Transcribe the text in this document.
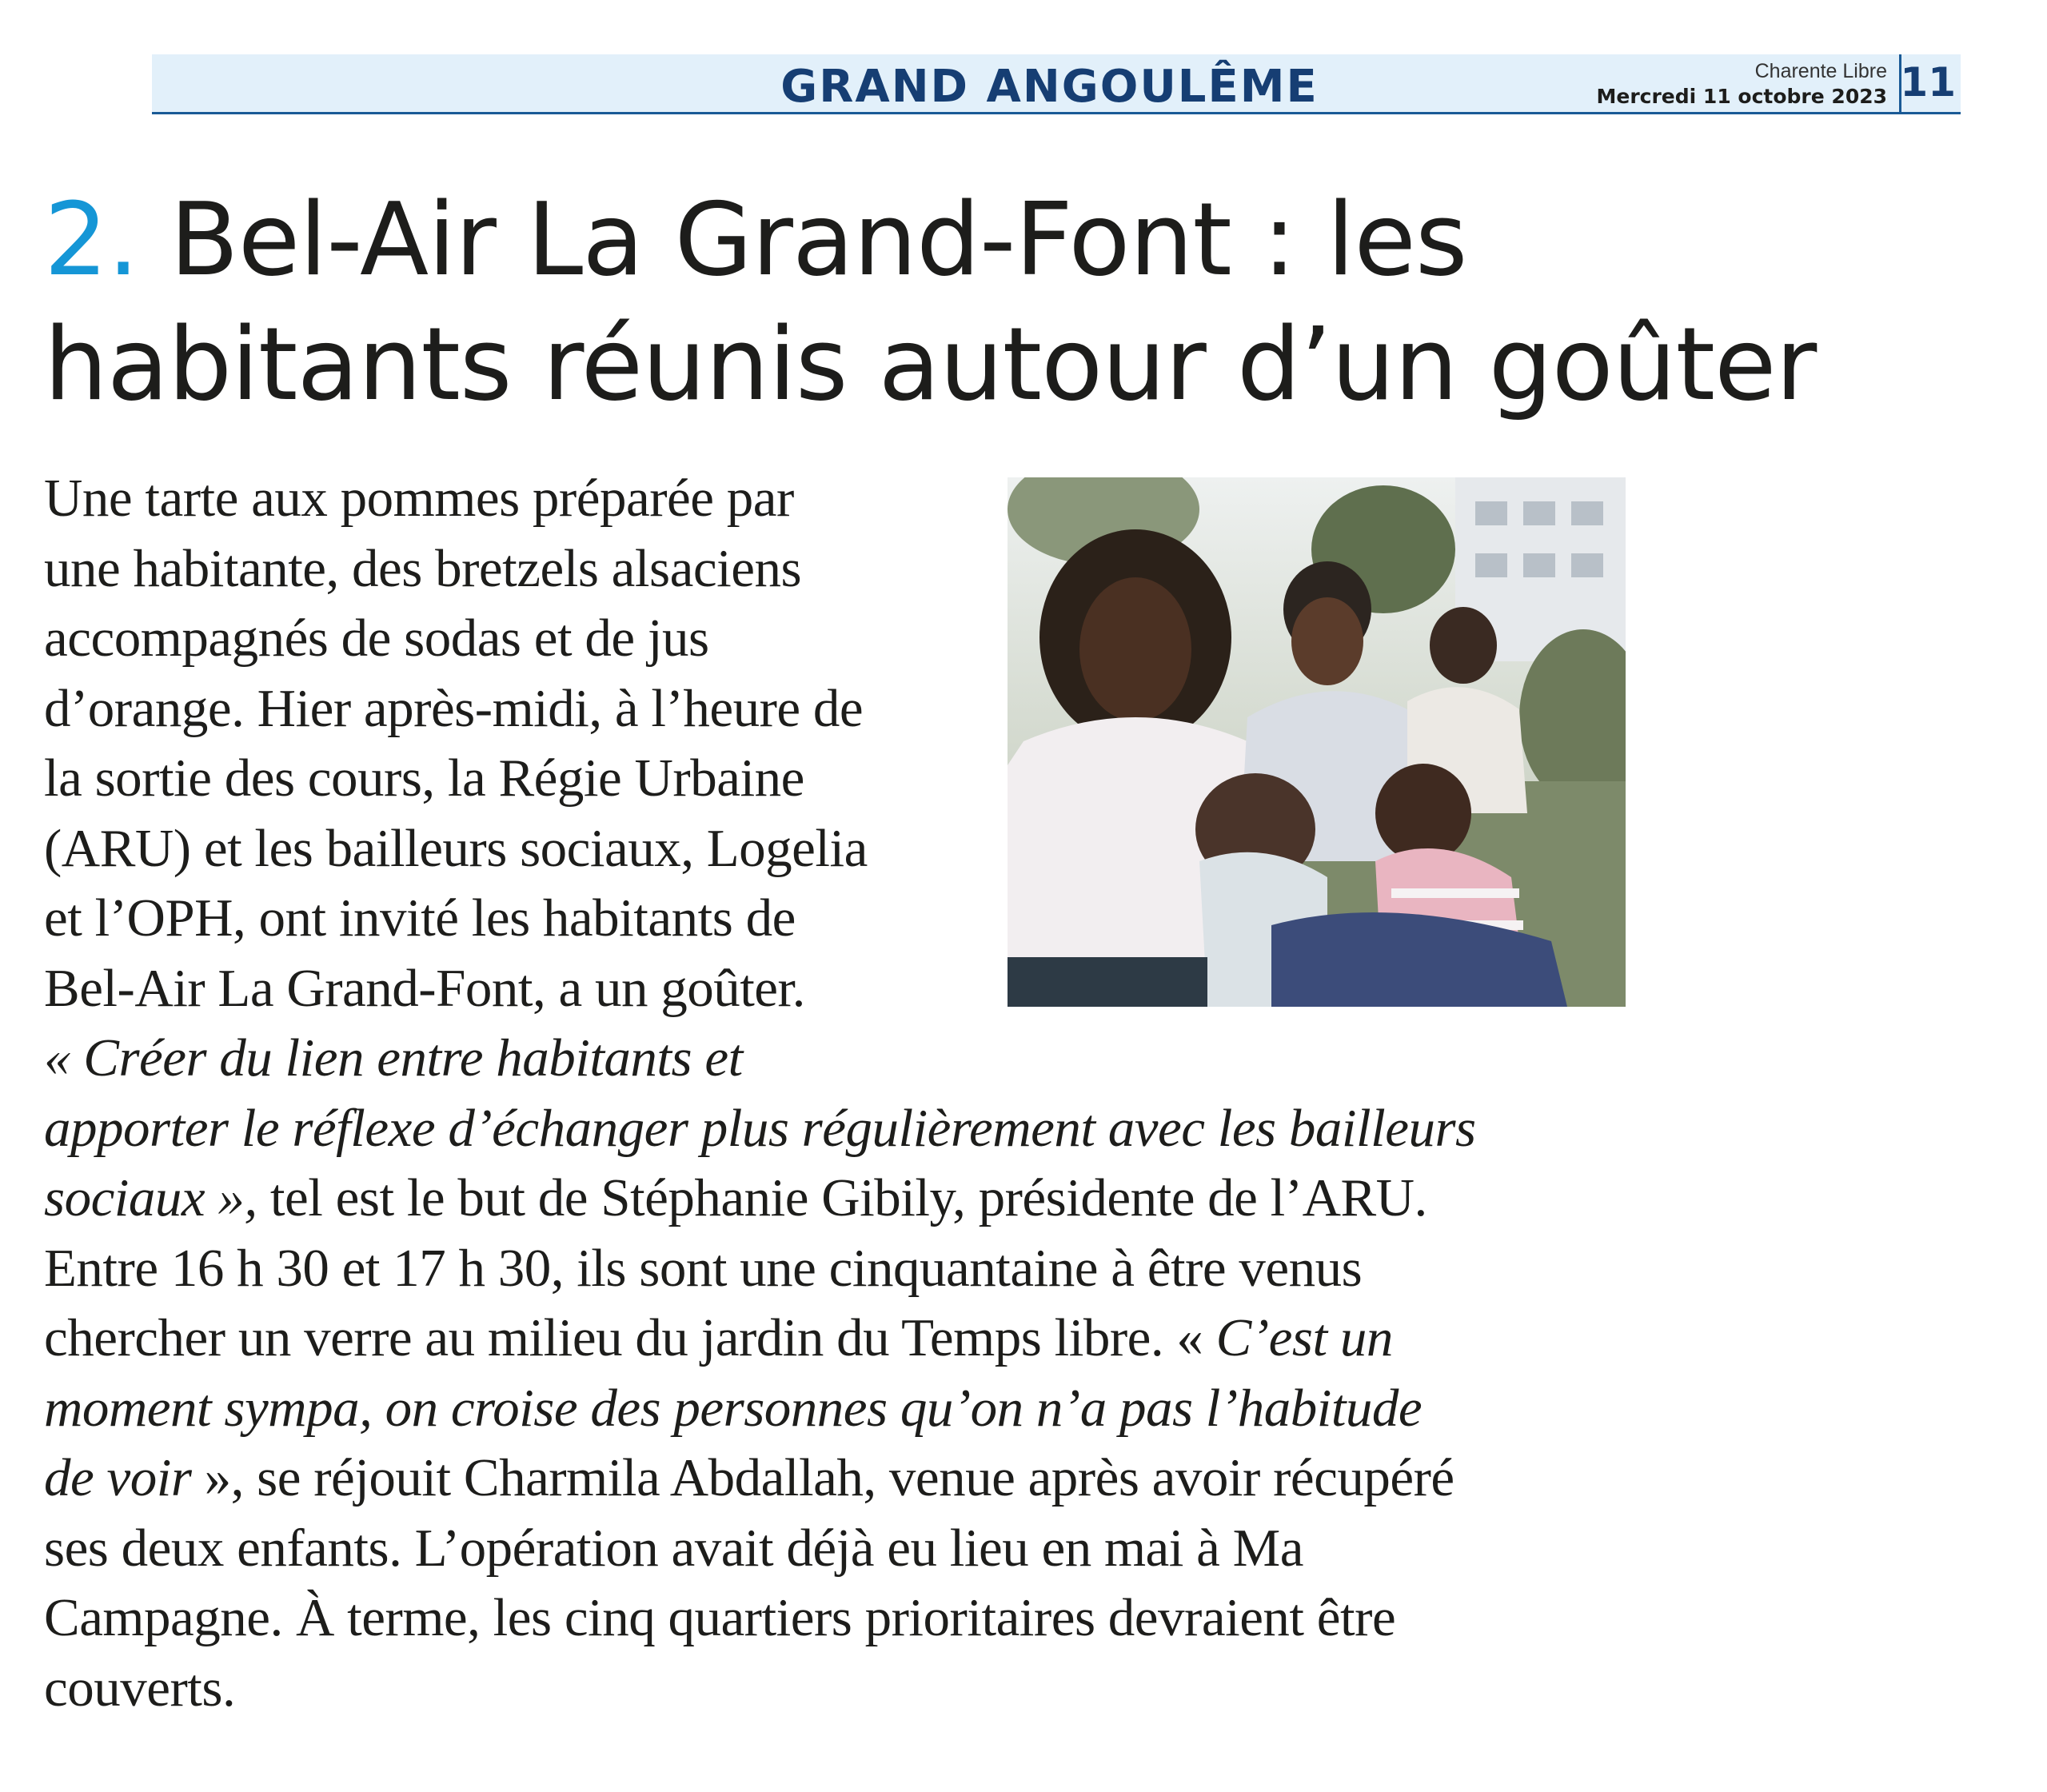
GRAND ANGOULÊME	Charente Libre
Mercredi 11 octobre 2023 11
2. Bel-Air La Grand-Font : les
habitants réunis autour d’un goûter
Une tarte aux pommes préparée par
une habitante, des bretzels alsaciens
accompagnés de sodas et de jus
d’orange. Hier après-midi, à l’heure de
la sortie des cours, la Régie Urbaine
(ARU) et les bailleurs sociaux, Logelia
et l’OPH, ont invité les habitants de
Bel-Air La Grand-Font, a un goûter.
« Créer du lien entre habitants et
apporter le réflexe d’échanger plus régulièrement avec les bailleurs
sociaux », tel est le but de Stéphanie Gibily, présidente de l’ARU.
Entre 16 h 30 et 17 h 30, ils sont une cinquantaine à être venus
chercher un verre au milieu du jardin du Temps libre. « C’est un
moment sympa, on croise des personnes qu’on n’a pas l’habitude
de voir », se réjouit Charmila Abdallah, venue après avoir récupéré
ses deux enfants. L’opération avait déjà eu lieu en mai à Ma
Campagne. À terme, les cinq quartiers prioritaires devraient être
couverts.
